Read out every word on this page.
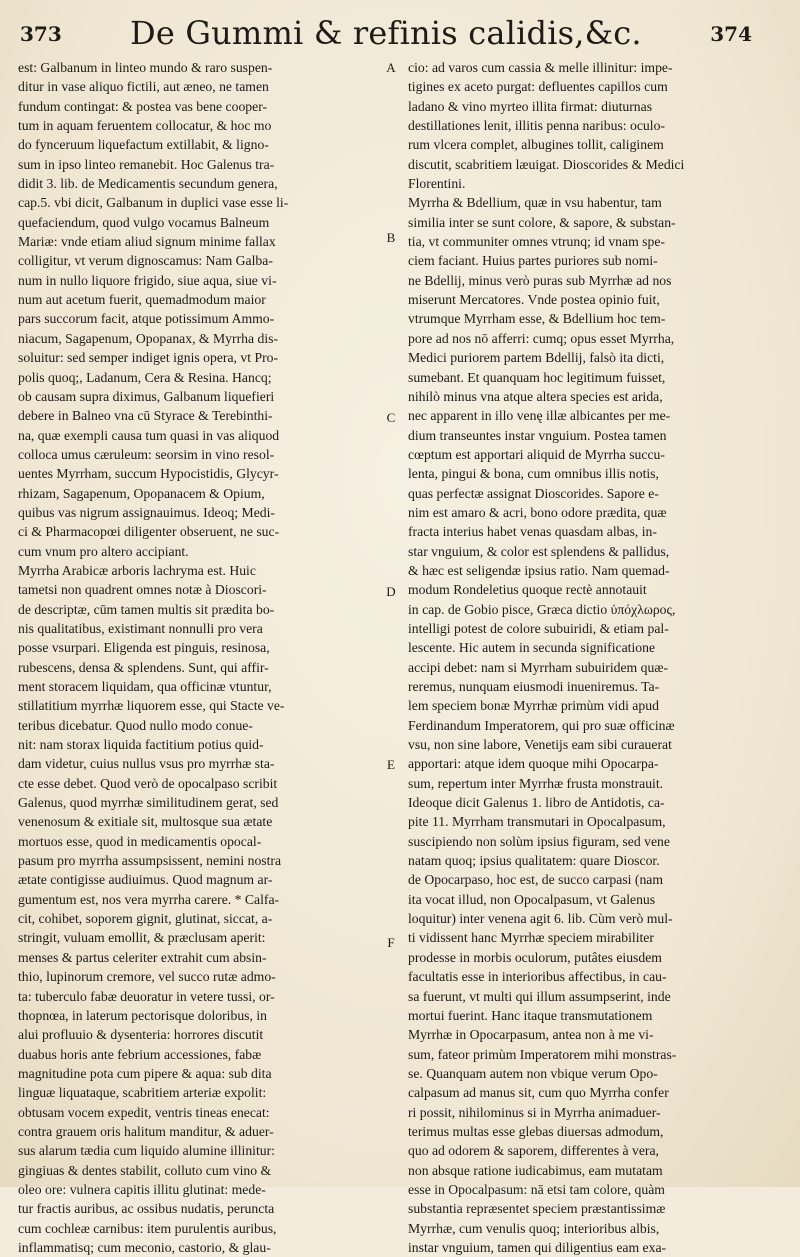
373 De Gummi & refinis calidis,&c.	374
est: Galbanum in linteo mundo & raro suspen-
ditur in vase aliquo fictili, aut æneo, ne tamen
fundum contingat: & postea vas bene cooper-
tum in aquam feruentem collocatur, & hoc mo
do fynceruum liquefactum extillabit, & ligno-
sum in ipso linteo remanebit. Hoc Galenus tra-
didit 3. lib. de Medicamentis secundum genera,
cap.5. vbi dicit, Galbanum in duplici vase esse li-
quefaciendum, quod vulgo vocamus Balneum
Mariæ: vnde etiam aliud signum minime fallax
colligitur, vt verum dignoscamus: Nam Galba-
num in nullo liquore frigido, siue aqua, siue vi-
num aut acetum fuerit, quemadmodum maior
pars succorum facit, atque potissimum Ammo-
niacum, Sagapenum, Opopanax, & Myrrha dis-
soluitur: sed semper indiget ignis opera, vt Pro-
polis quoq;, Ladanum, Cera & Resina. Hancq;
ob causam supra diximus, Galbanum liquefieri
debere in Balneo vna cū Styrace & Terebinthi-
na, quæ exempli causa tum quasi in vas aliquod
colloca umus cæruleum: seorsim in vino resol-
uentes Myrrham, succum Hypocistidis, Glycyr-
rhizam, Sagapenum, Opopanacem & Opium,
quibus vas nigrum assignauimus. Ideoq; Medi-
ci & Pharmacopœi diligenter obseruent, ne suc-
cum vnum pro altero accipiant.
Myrrha Arabicæ arboris lachryma est. Huic
tametsi non quadrent omnes notæ à Dioscori-
de descriptæ, cūm tamen multis sit prædita bo-
nis qualitatibus, existimant nonnulli pro vera
posse vsurpari. Eligenda est pinguis, resinosa,
rubescens, densa & splendens. Sunt, qui affir-
ment storacem liquidam, qua officinæ vtuntur,
stillatitium myrrhæ liquorem esse, qui Stacte ve-
teribus dicebatur. Quod nullo modo conue-
nit: nam storax liquida factitium potius quid-
dam videtur, cuius nullus vsus pro myrrhæ sta-
cte esse debet. Quod verò de opocalpaso scribit
Galenus, quod myrrhæ similitudinem gerat, sed
venenosum & exitiale sit, multosque sua ætate
mortuos esse, quod in medicamentis opocal-
pasum pro myrrha assumpsissent, nemini nostra
ætate contigisse audiuimus. Quod magnum ar-
gumentum est, nos vera myrrha carere. * Calfa-
cit, cohibet, soporem gignit, glutinat, siccat, a-
stringit, vuluam emollit, & præclusam aperit:
menses & partus celeriter extrahit cum absin-
thio, lupinorum cremore, vel succo rutæ admo-
ta: tuberculo fabæ deuoratur in vetere tussi, or-
thopnœa, in laterum pectorisque doloribus, in
alui profluuio & dysenteria: horrores discutit
duabus horis ante febrium accessiones, fabæ
magnitudine pota cum pipere & aqua: sub dita
linguæ liquataque, scabritiem arteriæ expolit:
obtusam vocem expedit, ventris tineas enecat:
contra grauem oris halitum manditur, & aduer-
sus alarum tædia cum liquido alumine illinitur:
gingiuas & dentes stabilit, colluto cum vino &
oleo ore: vulnera capitis illitu glutinat: mede-
tur fractis auribus, ac ossibus nudatis, perunctа
cum cochleæ carnibus: item purulentis auribus,
inflammatisq; cum meconio, castorio, & glau-
cio: ad varos cum cassia & melle illinitur: impe-
tigines ex aceto purgat: defluentes capillos cum
ladano & vino myrteo illita firmat: diuturnas
destillationes lenit, illitis penna naribus: oculo-
rum vlcera complet, albugines tollit, caliginem
discutit, scabritiem læuigat. Dioscorides & Medici
Florentini.
Myrrha & Bdellium, quæ in vsu habentur, tam
similia inter se sunt colore, & sapore, & substan-
tia, vt communiter omnes vtrunq; id vnam spe-
ciem faciant. Huius partes puriores sub nomi-
ne Bdellij, minus verò puras sub Myrrhæ ad nos
miserunt Mercatores. Vnde postea opinio fuit,
vtrumque Myrrham esse, & Bdellium hoc tem-
pore ad nos nō afferri: cumq; opus esset Myrrha,
Medici puriorem partem Bdellij, falsò ita dicti,
sumebant. Et quanquam hoc legitimum fuisset,
nihilò minus vna atque altera species est arida,
nec apparent in illo venę illæ albicantes per me-
dium transeuntes instar vnguium. Postea tamen
cœptum est apportari aliquid de Myrrha succu-
lenta, pingui & bona, cum omnibus illis notis,
quas perfectæ assignat Dioscorides. Sapore e-
nim est amaro & acri, bono odore prædita, quæ
fracta interius habet venas quasdam albas, in-
star vnguium, & color est splendens & pallidus,
& hæc est seligendæ ipsius ratio. Nam quemad-
modum Rondeletius quoque rectè annotauit
in cap. de Gobio pisce, Græca dictio ὑπόχλωρος,
intelligi potest de colore subuiridi, & etiam pal-
lescente. Hic autem in secunda significatione
accipi debet: nam si Myrrham subuiridem quæ-
reremus, nunquam eiusmodi inueniremus. Ta-
lem speciem bonæ Myrrhæ primùm vidi apud
Ferdinandum Imperatorem, qui pro suæ officinæ
vsu, non sine labore, Venetijs eam sibi curauerat
apportari: atque idem quoque mihi Opocarpa-
sum, repertum inter Myrrhæ frusta monstrauit.
Ideoque dicit Galenus 1. libro de Antidotis, ca-
pite 11. Myrrham transmutari in Opocalpasum,
suscipiendo non solùm ipsius figuram, sed vene
natam quoq; ipsius qualitatem: quare Dioscor.
de Opocarpaso, hoc est, de succo carpasi (nam
ita vocat illud, non Opocalpasum, vt Galenus
loquitur) inter venena agit 6. lib. Cùm verò mul-
ti vidissent hanc Myrrhæ speciem mirabiliter
prodesse in morbis oculorum, putâtes eiusdem
facultatis esse in interioribus affectibus, in cau-
sa fuerunt, vt multi qui illum assumpserint, inde
mortui fuerint. Hanc itaque transmutationem
Myrrhæ in Opocarpasum, antea non à me vi-
sum, fateor primùm Imperatorem mihi monstras-
se. Quanquam autem non vbique verum Opo-
calpasum ad manus sit, cum quo Myrrha confer
ri possit, nihilominus si in Myrrha animaduer-
terimus multas esse glebas diuersas admodum,
quo ad odorem & saporem, differentes à vera,
non absque ratione iudicabimus, eam mutatam
esse in Opocalpasum: nā etsi tam colore, quàm
substantia repræsentet speciem præstantissimæ
Myrrhæ, cum venulis quoq; interioribus albis,
instar vnguium, tamen qui diligentius eam exa-
A
B
C
D
E
F
